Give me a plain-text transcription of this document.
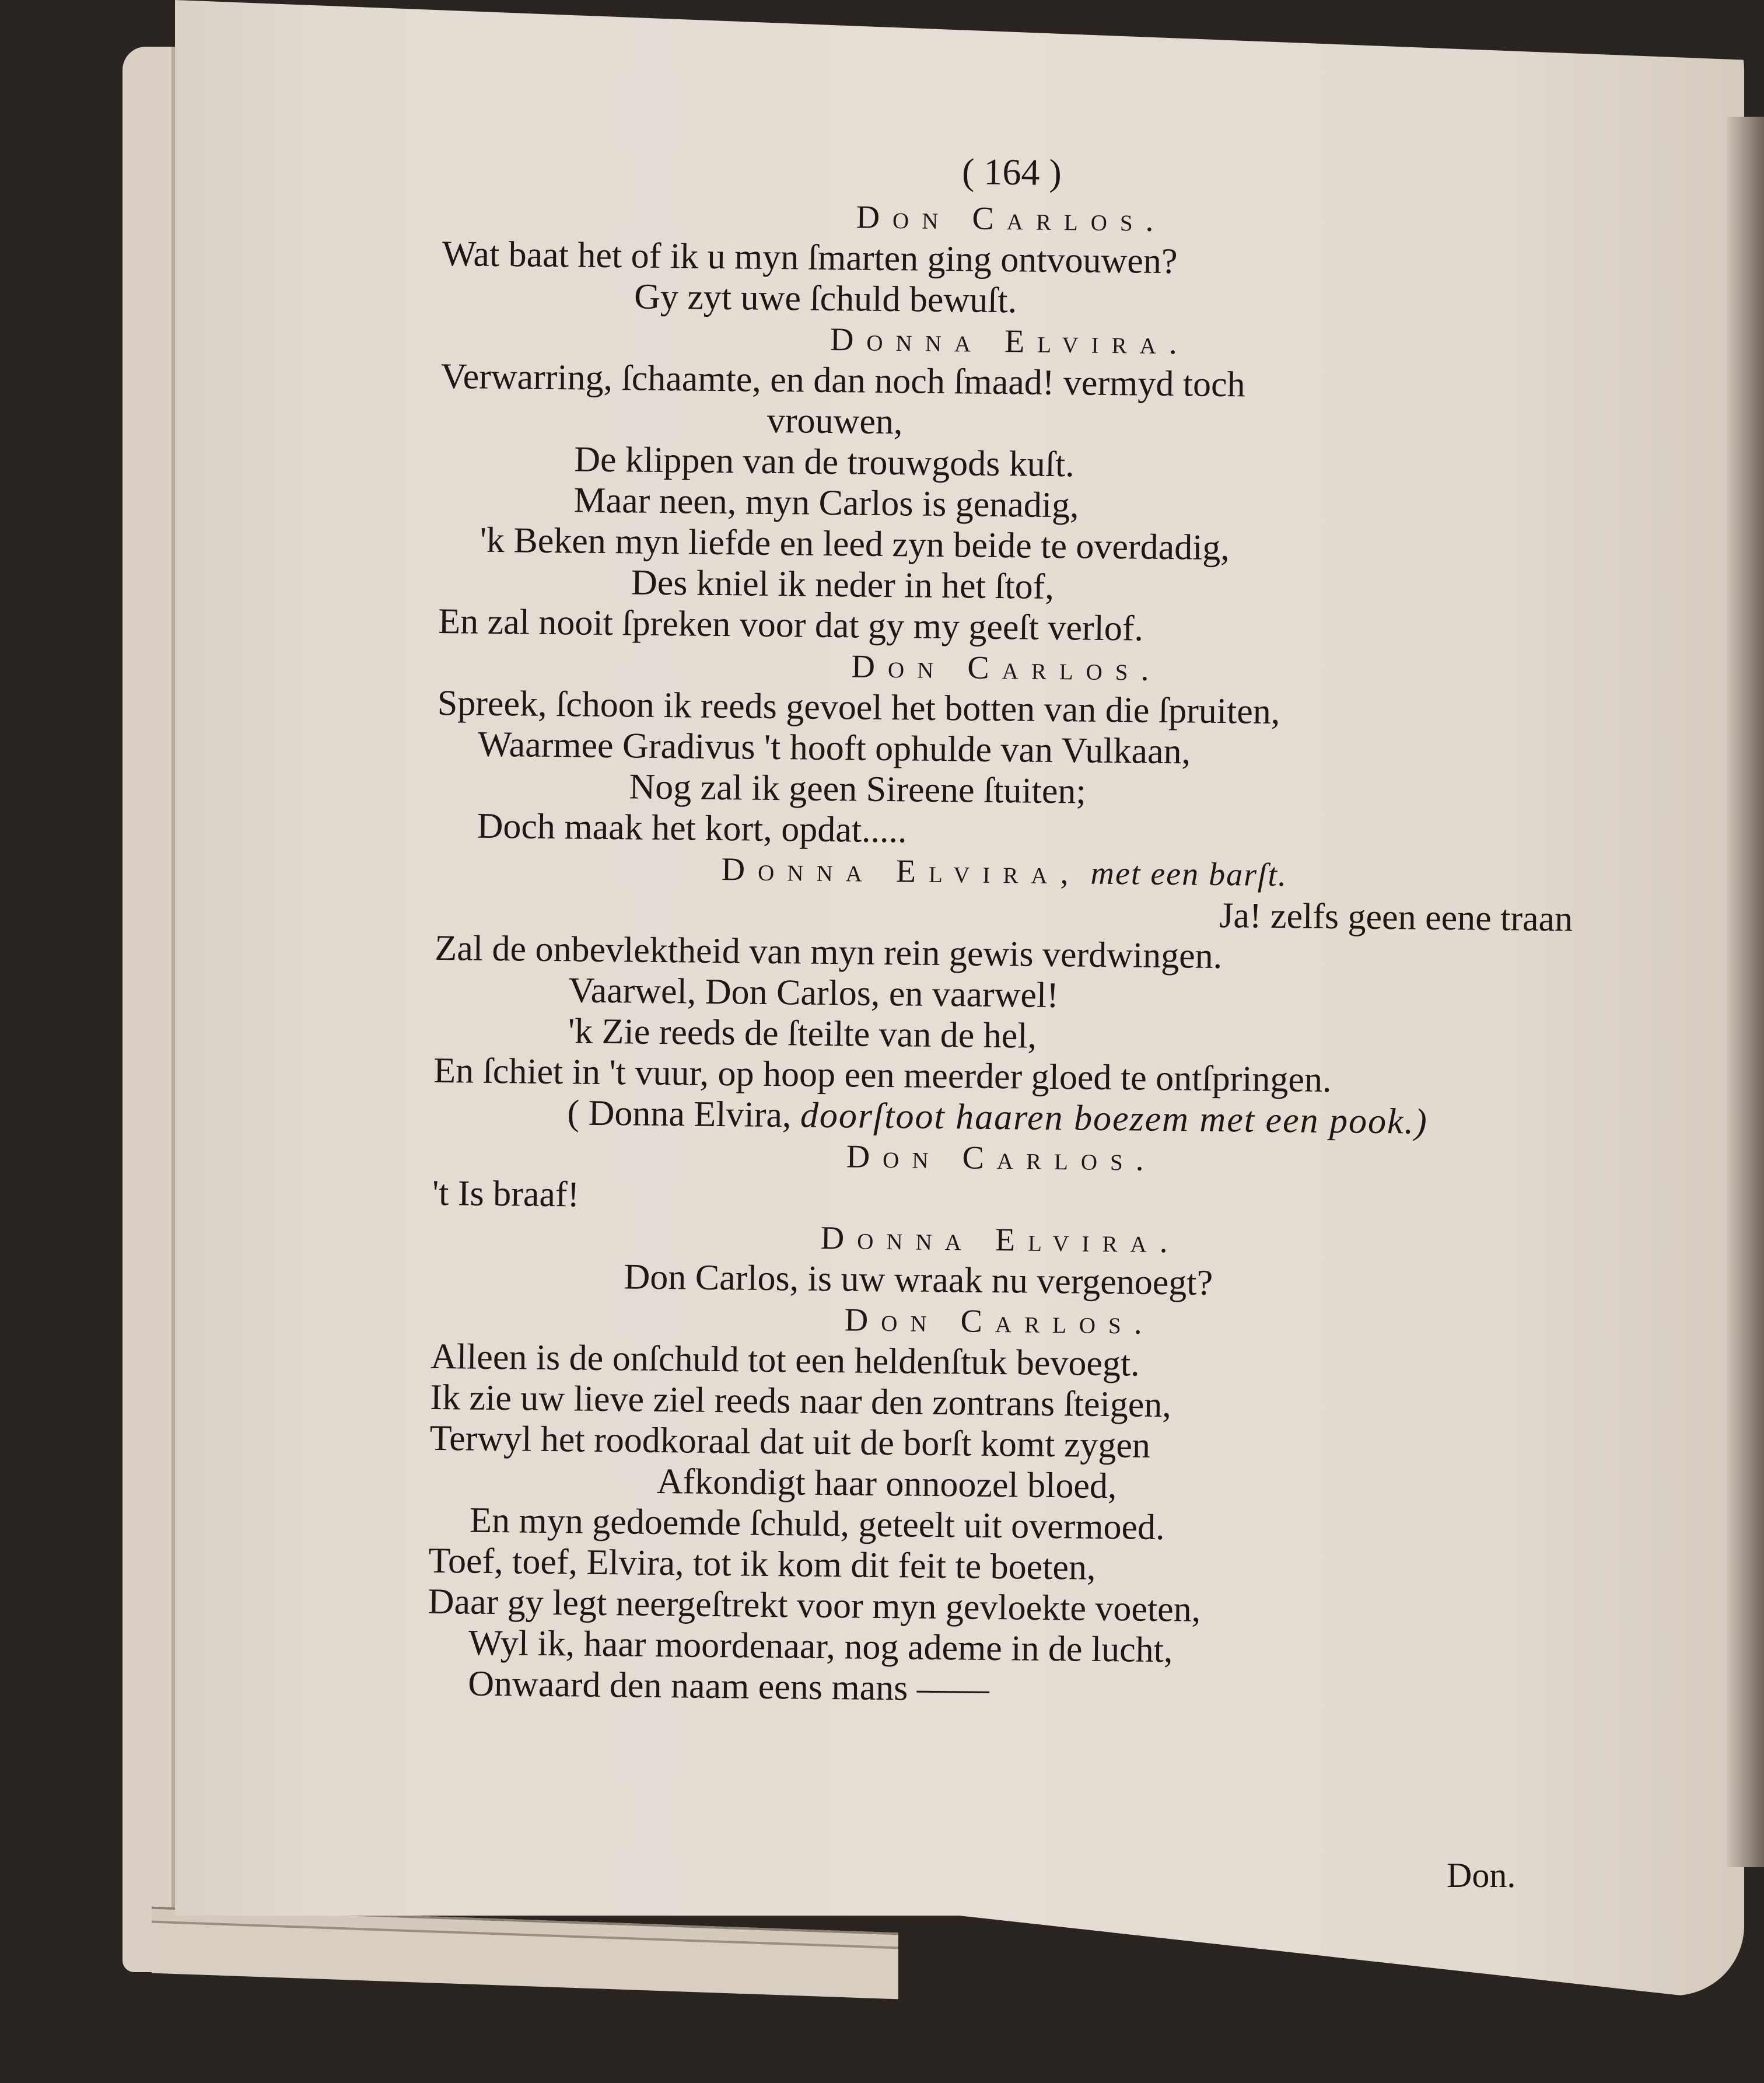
( 164 )
Don Carlos.
Wat baat het of ik u myn ſmarten ging ontvouwen?
Gy zyt uwe ſchuld bewuſt.
Donna Elvira.
Verwarring, ſchaamte, en dan noch ſmaad! vermyd toch
vrouwen,
De klippen van de trouwgods kuſt.
Maar neen, myn Carlos is genadig,
'k Beken myn liefde en leed zyn beide te overdadig,
Des kniel ik neder in het ſtof,
En zal nooit ſpreken voor dat gy my geeſt verlof.
Don Carlos.
Spreek, ſchoon ik reeds gevoel het botten van die ſpruiten,
Waarmee Gradivus 't hooft ophulde van Vulkaan,
Nog zal ik geen Sireene ſtuiten;
Doch maak het kort, opdat.....
Donna Elvira, met een barſt.
Ja! zelfs geen eene traan
Zal de onbevlektheid van myn rein gewis verdwingen.
Vaarwel, Don Carlos, en vaarwel!
'k Zie reeds de ſteilte van de hel,
En ſchiet in 't vuur, op hoop een meerder gloed te ontſpringen.
( Donna Elvira, doorſtoot haaren boezem met een pook.)
Don Carlos.
't Is braaf!
Donna Elvira.
Don Carlos, is uw wraak nu vergenoegt?
Don Carlos.
Alleen is de onſchuld tot een heldenſtuk bevoegt.
Ik zie uw lieve ziel reeds naar den zontrans ſteigen,
Terwyl het roodkoraal dat uit de borſt komt zygen
Afkondigt haar onnoozel bloed,
En myn gedoemde ſchuld, geteelt uit overmoed.
Toef, toef, Elvira, tot ik kom dit feit te boeten,
Daar gy legt neergeſtrekt voor myn gevloekte voeten,
Wyl ik, haar moordenaar, nog ademe in de lucht,
Onwaard den naam eens mans ——
Don.
